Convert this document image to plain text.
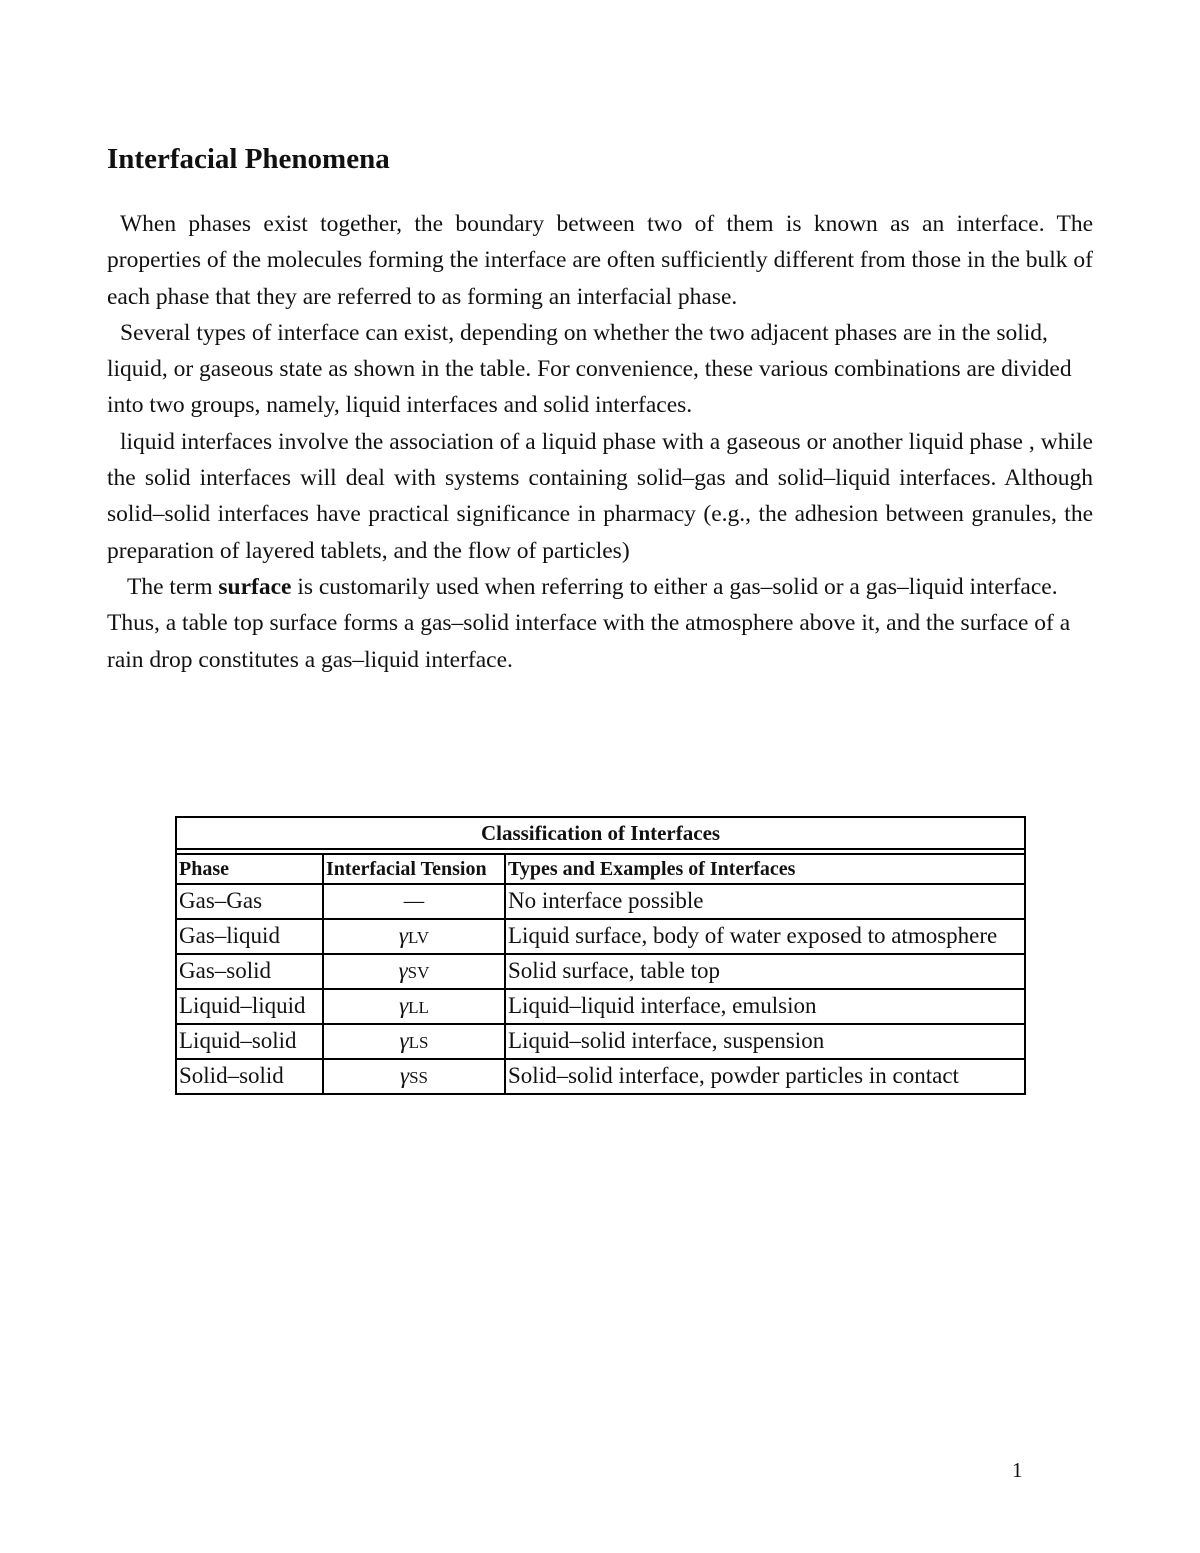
Interfacial Phenomena

When phases exist together, the boundary between two of them is known as an interface. The properties of the molecules forming the interface are often sufficiently different from those in the bulk of each phase that they are referred to as forming an interfacial phase.

Several types of interface can exist, depending on whether the two adjacent phases are in the solid, liquid, or gaseous state as shown in the table. For convenience, these various combinations are divided into two groups, namely, liquid interfaces and solid interfaces.

liquid interfaces involve the association of a liquid phase with a gaseous or another liquid phase , while the solid interfaces will deal with systems containing solid–gas and solid–liquid interfaces. Although solid–solid interfaces have practical significance in pharmacy (e.g., the adhesion between granules, the preparation of layered tablets, and the flow of particles)

The term surface is customarily used when referring to either a gas–solid or a gas–liquid interface. Thus, a table top surface forms a gas–solid interface with the atmosphere above it, and the surface of a rain drop constitutes a gas–liquid interface.

Classification of Interfaces		

Phase	Interfacial Tension	Types and Examples of Interfaces
Gas–Gas	—	No interface possible
Gas–liquid	γLV	Liquid surface, body of water exposed to atmosphere
Gas–solid	γSV	Solid surface, table top
Liquid–liquid	γLL	Liquid–liquid interface, emulsion
Liquid–solid	γLS	Liquid–solid interface, suspension
Solid–solid	γSS	Solid–solid interface, powder particles in contact
1
